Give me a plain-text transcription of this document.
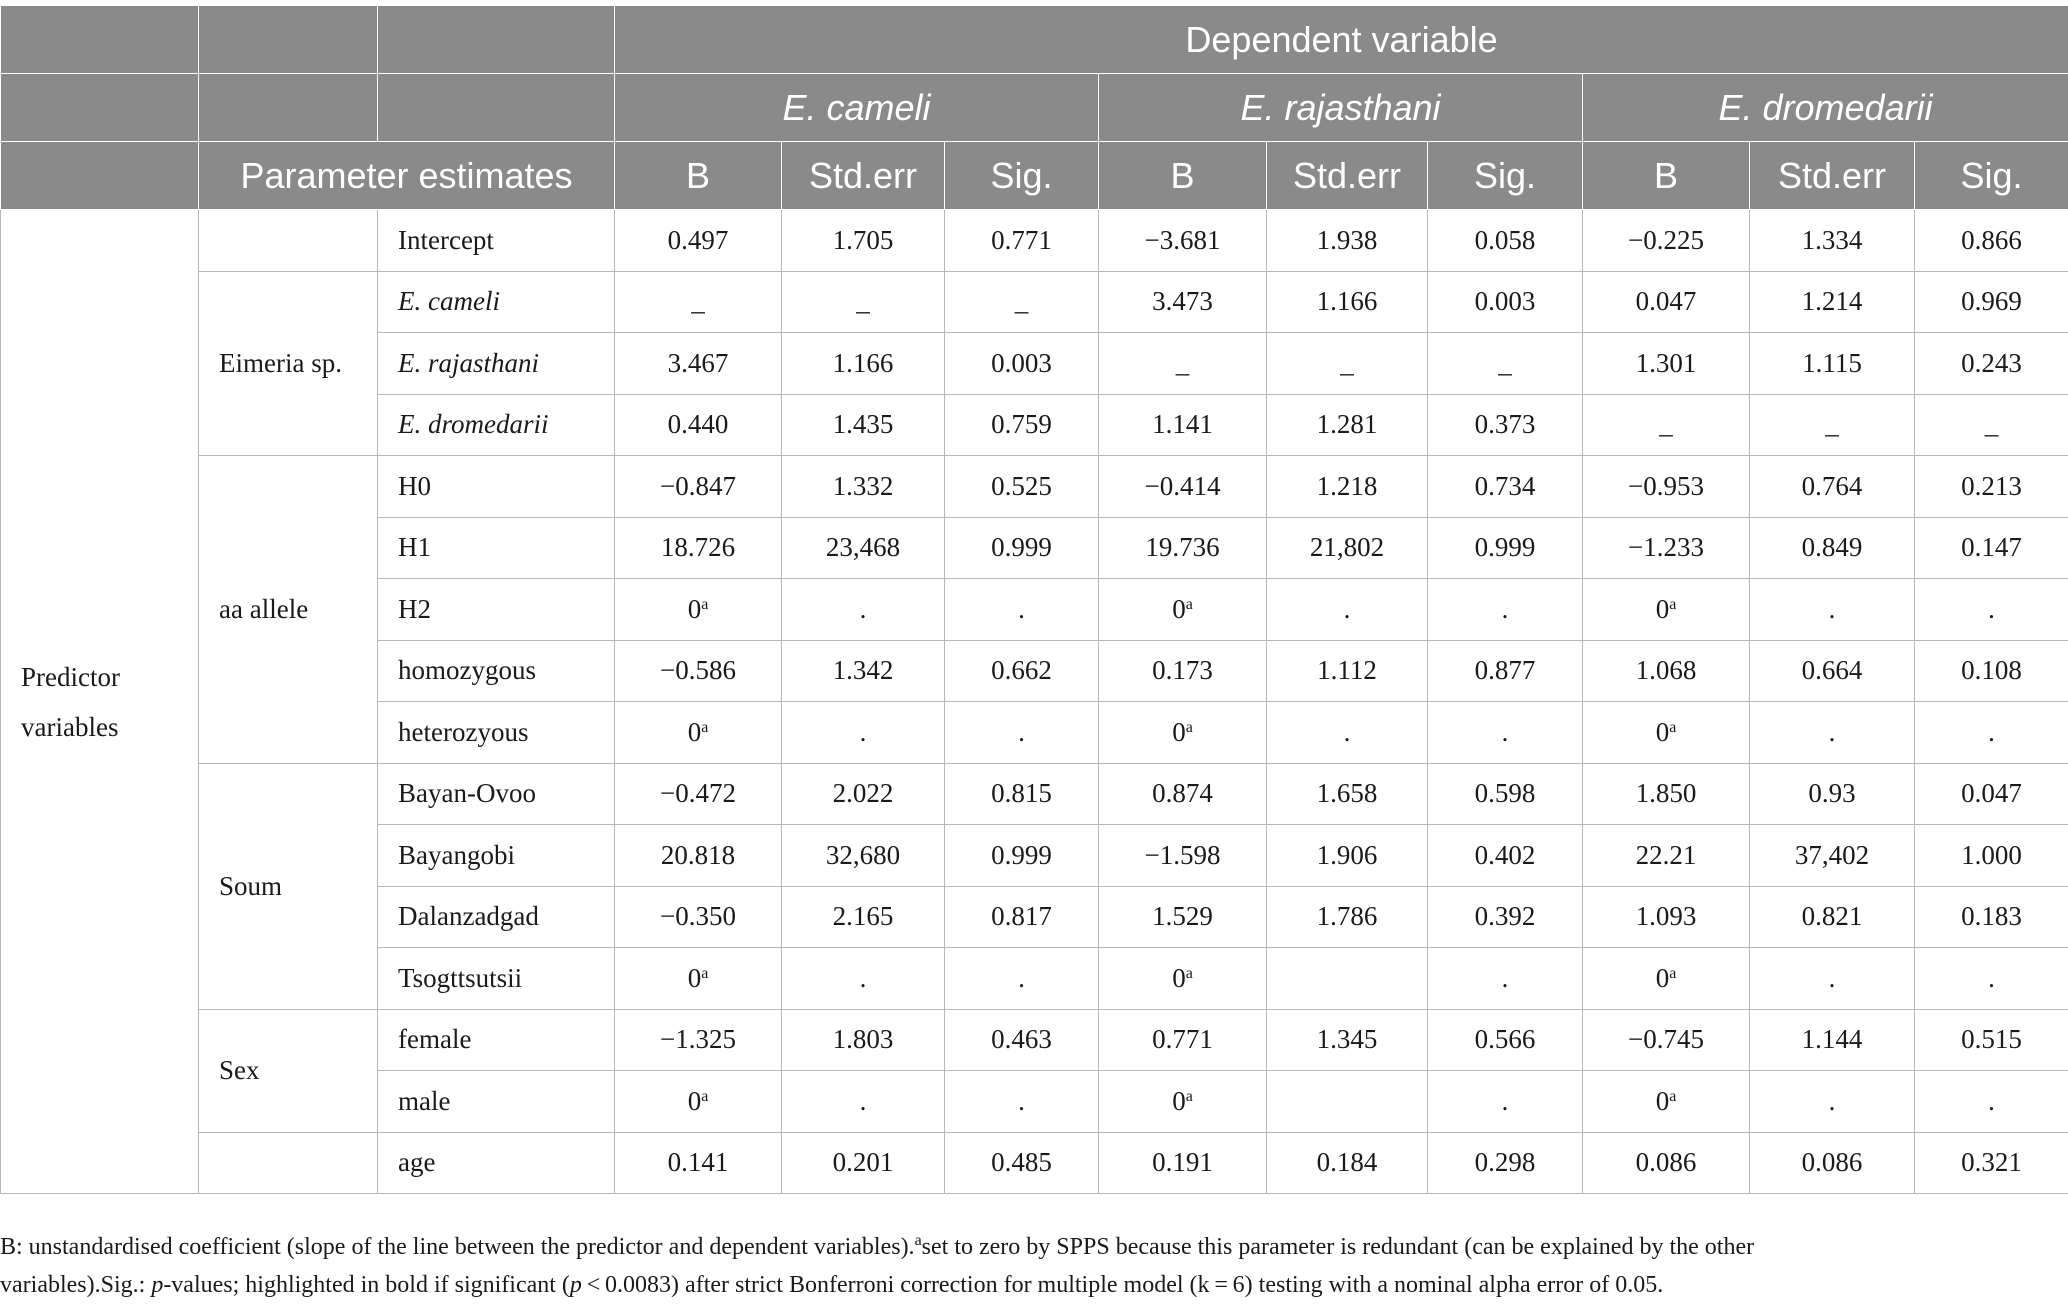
			Dependent variable								
			E. cameli			E. rajasthani			E. dromedarii		
	Parameter estimates		B	Std.err	Sig.	B	Std.err	Sig.	B	Std.err	Sig.
Predictor variables		Intercept	0.497	1.705	0.771	−3.681	1.938	0.058	−0.225	1.334	0.866
	Eimeria sp.	E. cameli	_	_	_	3.473	1.166	0.003	0.047	1.214	0.969
		E. rajasthani	3.467	1.166	0.003	_	_	_	1.301	1.115	0.243
		E. dromedarii	0.440	1.435	0.759	1.141	1.281	0.373	_	_	_
	aa allele	H0	−0.847	1.332	0.525	−0.414	1.218	0.734	−0.953	0.764	0.213
		H1	18.726	23,468	0.999	19.736	21,802	0.999	−1.233	0.849	0.147
		H2	0$^a$	.	.	0$^a$	.	.	0$^a$	.	.
		homozygous	−0.586	1.342	0.662	0.173	1.112	0.877	1.068	0.664	0.108
		heterozyous	0$^a$	.	.	0$^a$	.	.	0$^a$	.	.
	Soum	Bayan-Ovoo	−0.472	2.022	0.815	0.874	1.658	0.598	1.850	0.93	0.047
		Bayangobi	20.818	32,680	0.999	−1.598	1.906	0.402	22.21	37,402	1.000
		Dalanzadgad	−0.350	2.165	0.817	1.529	1.786	0.392	1.093	0.821	0.183
		Tsogttsutsii	0$^a$	.	.	0$^a$		.	0$^a$	.	.
	Sex	female	−1.325	1.803	0.463	0.771	1.345	0.566	−0.745	1.144	0.515
		male	0$^a$	.	.	0$^a$		.	0$^a$	.	.
		age	0.141	0.201	0.485	0.191	0.184	0.298	0.086	0.086	0.321

B: unstandardised coefficient (slope of the line between the predictor and dependent variables).$^a$set to zero by SPPS because this parameter is redundant (can be explained by the other

variables).Sig.: p-values; highlighted in bold if significant (p < 0.0083) after strict Bonferroni correction for multiple model (k = 6) testing with a nominal alpha error of 0.05.
